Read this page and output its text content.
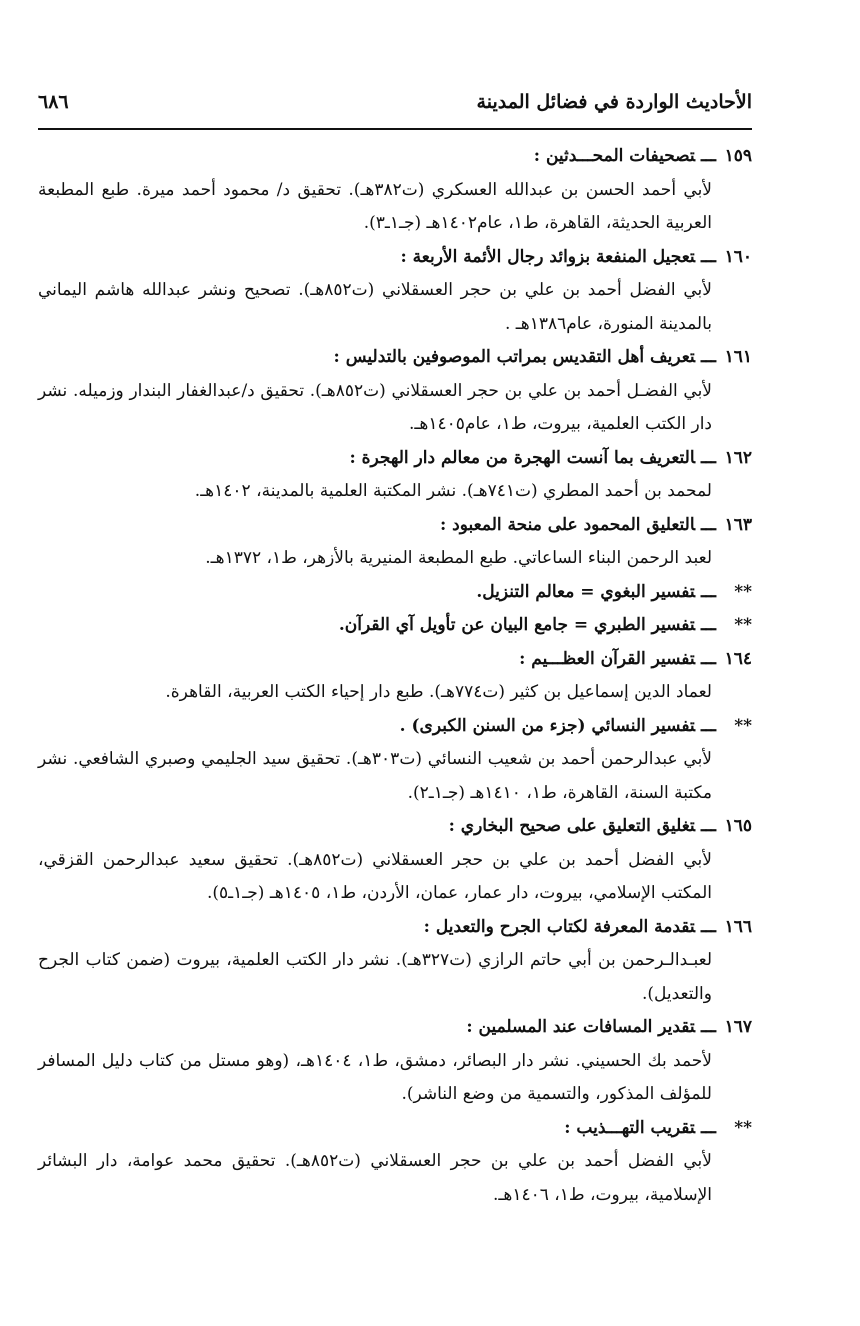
الأحاديث الواردة في فضائل المدينة
٦٨٦
١٥٩ـــتصحيفات المحـــدثين :
لأبي أحمد الحسن بن عبدالله العسكري (ت٣٨٢هـ). تحقيق د/ محمود أحمد ميرة. طبع المطبعة العربية الحديثة، القاهرة، ط١، عام١٤٠٢هـ (جـ١ـ٣).
١٦٠ـــتعجيل المنفعة بزوائد رجال الأئمة الأربعة :
لأبي الفضل أحمد بن علي بن حجر العسقلاني (ت٨٥٢هـ). تصحيح ونشر عبدالله هاشم اليماني بالمدينة المنورة، عام١٣٨٦هـ .
١٦١ـــتعريف أهل التقديس بمراتب الموصوفين بالتدليس :
لأبي الفضـل أحمد بن علي بن حجر العسقلاني (ت٨٥٢هـ). تحقيق د/عبدالغفار البندار وزميله. نشر دار الكتب العلمية، بيروت، ط١، عام١٤٠٥هـ.
١٦٢ـــالتعريف بما آنست الهجرة من معالم دار الهجرة :
لمحمد بن أحمد المطري (ت٧٤١هـ). نشر المكتبة العلمية بالمدينة، ١٤٠٢هـ.
١٦٣ـــالتعليق المحمود على منحة المعبود :
لعبد الرحمن البناء الساعاتي. طبع المطبعة المنيرية بالأزهر، ط١، ١٣٧٢هـ.
**ـــتفسير البغوي = معالم التنزيل.
**ـــتفسير الطبري = جامع البيان عن تأويل آي القرآن.
١٦٤ـــتفسير القرآن العظـــيم :
لعماد الدين إسماعيل بن كثير (ت٧٧٤هـ). طبع دار إحياء الكتب العربية، القاهرة.
**ـــتفسير النسائي (جزء من السنن الكبرى) .
لأبي عبدالرحمن أحمد بن شعيب النسائي (ت٣٠٣هـ). تحقيق سيد الجليمي وصبري الشافعي. نشر مكتبة السنة، القاهرة، ط١، ١٤١٠هـ (جـ١ـ٢).
١٦٥ـــتغليق التعليق على صحيح البخاري :
لأبي الفضل أحمد بن علي بن حجر العسقلاني (ت٨٥٢هـ). تحقيق سعيد عبدالرحمن القزقي، المكتب الإسلامي، بيروت، دار عمار، عمان، الأردن، ط١، ١٤٠٥هـ (جـ١ـ٥).
١٦٦ـــتقدمة المعرفة لكتاب الجرح والتعديل :
لعبـدالـرحمن بن أبي حاتم الرازي (ت٣٢٧هـ). نشر دار الكتب العلمية، بيروت (ضمن كتاب الجرح والتعديل).
١٦٧ـــتقدير المسافات عند المسلمين :
لأحمد بك الحسيني. نشر دار البصائر، دمشق، ط١، ١٤٠٤هـ، (وهو مستل من كتاب دليل المسافر للمؤلف المذكور، والتسمية من وضع الناشر).
**ـــتقريب التهـــذيب :
لأبي الفضل أحمد بن علي بن حجر العسقلاني (ت٨٥٢هـ). تحقيق محمد عوامة، دار البشائر الإسلامية، بيروت، ط١، ١٤٠٦هـ.
